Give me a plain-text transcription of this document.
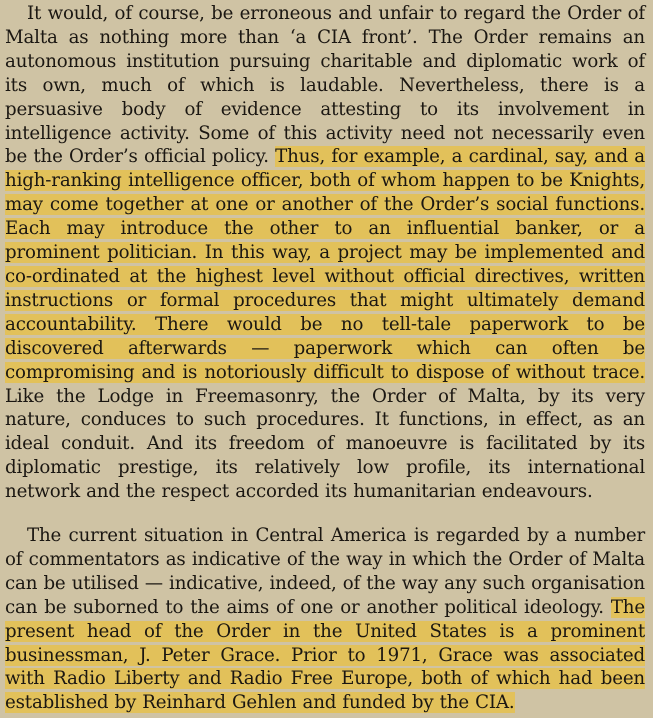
It would, of course, be erroneous and unfair to regard the Order of Malta as nothing more than ‘a CIA front’. The Order remains an autonomous institution pursuing charitable and diplomatic work of its own, much of which is laudable. Nevertheless, there is a persuasive body of evidence attesting to its involvement in intelligence activity. Some of this activity need not necessarily even be the Order’s official policy. Thus, for example, a cardinal, say, and a high-ranking intelligence officer, both of whom happen to be Knights, may come together at one or another of the Order’s social functions. Each may introduce the other to an influential banker, or a prominent politician. In this way, a project may be implemented and co-ordinated at the highest level without official directives, written instructions or formal procedures that might ultimately demand accountability. There would be no tell-tale paperwork to be discovered afterwards — paperwork which can often be compromising and is notoriously difficult to dispose of without trace. Like the Lodge in Freemasonry, the Order of Malta, by its very nature, conduces to such procedures. It functions, in effect, as an ideal conduit. And its freedom of manoeuvre is facilitated by its diplomatic prestige, its relatively low profile, its international network and the respect accorded its humanitarian endeavours.

The current situation in Central America is regarded by a number of commentators as indicative of the way in which the Order of Malta can be utilised — indicative, indeed, of the way any such organisation can be suborned to the aims of one or another political ideology. The present head of the Order in the United States is a prominent businessman, J. Peter Grace. Prior to 1971, Grace was associated with Radio Liberty and Radio Free Europe, both of which had been established by Reinhard Gehlen and funded by the CIA.
